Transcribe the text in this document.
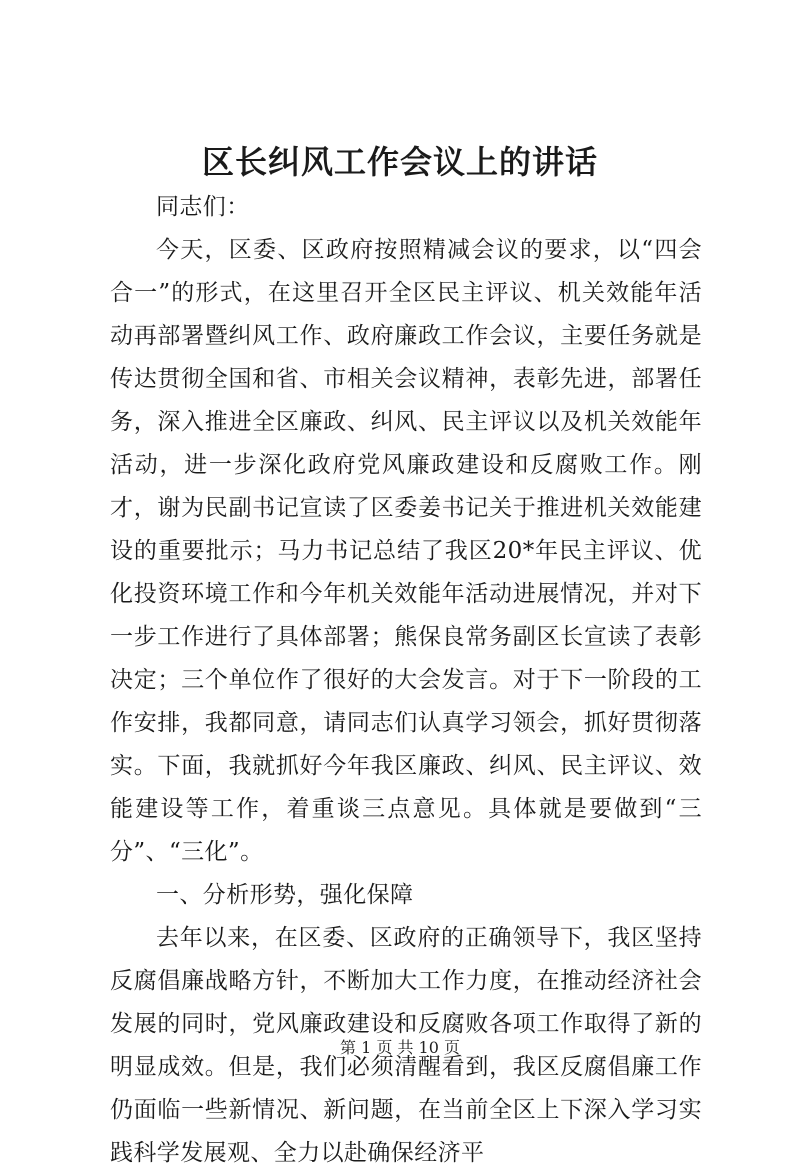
区长纠风工作会议上的讲话

同志们：

今天，区委、区政府按照精减会议的要求，以“四会合一”的形式，在这里召开全区民主评议、机关效能年活动再部署暨纠风工作、政府廉政工作会议，主要任务就是传达贯彻全国和省、市相关会议精神，表彰先进，部署任务，深入推进全区廉政、纠风、民主评议以及机关效能年活动，进一步深化政府党风廉政建设和反腐败工作。刚才，谢为民副书记宣读了区委姜书记关于推进机关效能建设的重要批示；马力书记总结了我区20*年民主评议、优化投资环境工作和今年机关效能年活动进展情况，并对下一步工作进行了具体部署；熊保良常务副区长宣读了表彰决定；三个单位作了很好的大会发言。对于下一阶段的工作安排，我都同意，请同志们认真学习领会，抓好贯彻落实。下面，我就抓好今年我区廉政、纠风、民主评议、效能建设等工作，着重谈三点意见。具体就是要做到“三分”、“三化”。

一、分析形势，强化保障

去年以来，在区委、区政府的正确领导下，我区坚持反腐倡廉战略方针，不断加大工作力度，在推动经济社会发展的同时，党风廉政建设和反腐败各项工作取得了新的明显成效。但是，我们必须清醒看到，我区反腐倡廉工作仍面临一些新情况、新问题，在当前全区上下深入学习实践科学发展观、全力以赴确保经济平

第 1 页 共 10 页
